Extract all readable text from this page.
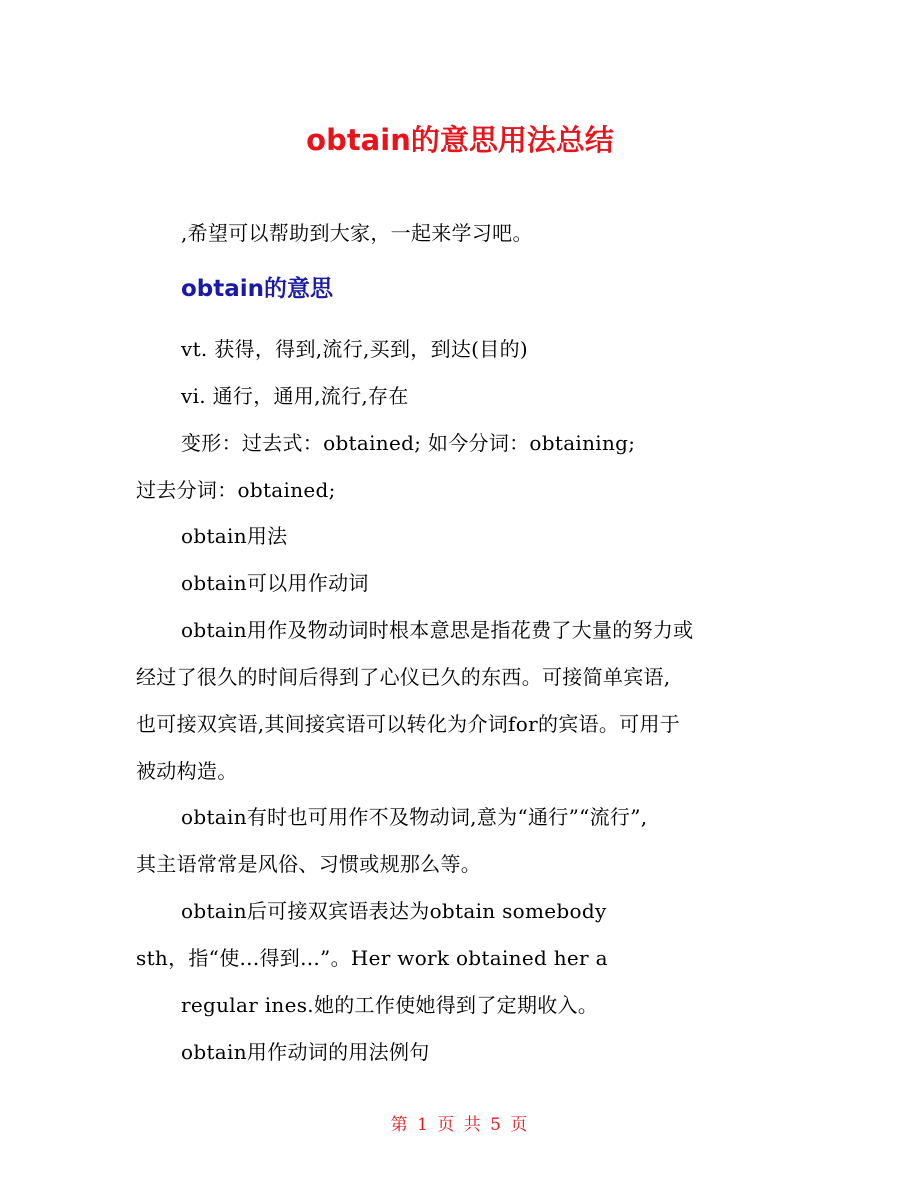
obtain的意思用法总结
,希望可以帮助到大家，一起来学习吧。
obtain的意思
vt. 获得，得到,流行,买到，到达(目的)
vi. 通行，通用,流行,存在
变形：过去式：obtained; 如今分词：obtaining;
过去分词：obtained;
obtain用法
obtain可以用作动词
obtain用作及物动词时根本意思是指花费了大量的努力或
经过了很久的时间后得到了心仪已久的东西。可接简单宾语,
也可接双宾语,其间接宾语可以转化为介词for的宾语。可用于
被动构造。
obtain有时也可用作不及物动词,意为“通行”“流行”,
其主语常常是风俗、习惯或规那么等。
obtain后可接双宾语表达为obtain somebody
sth，指“使...得到...”。Her work obtained her a
regular ines.她的工作使她得到了定期收入。
obtain用作动词的用法例句
第 1 页 共 5 页
